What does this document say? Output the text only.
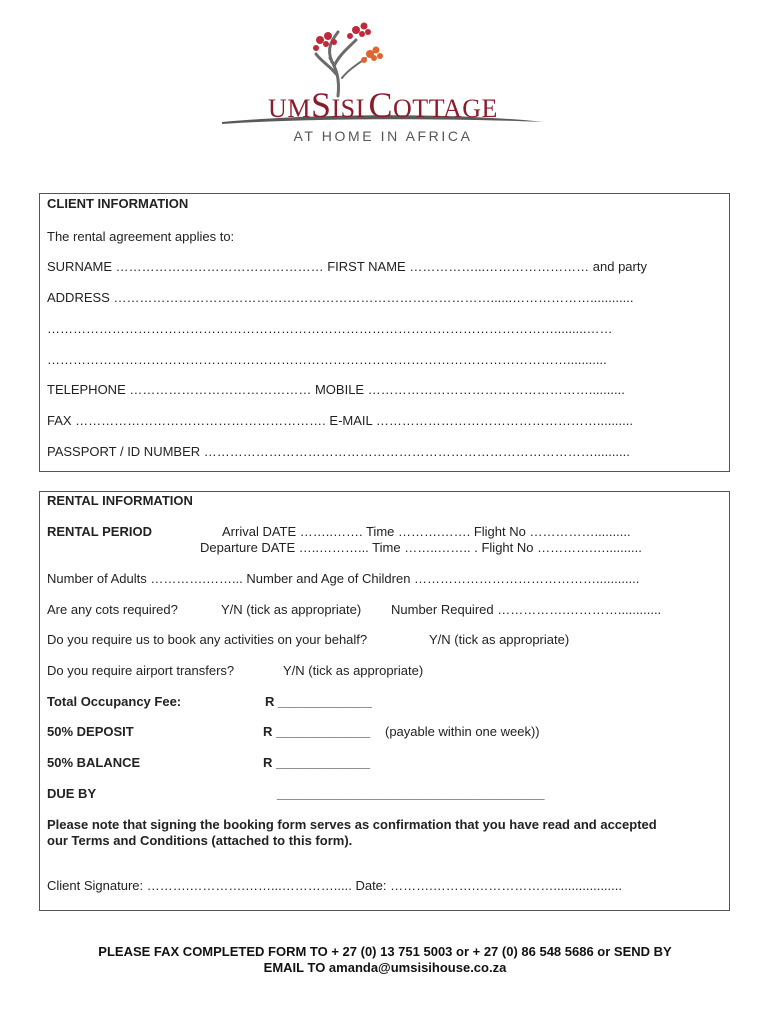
UMSISI COTTAGE
AT HOME IN AFRICA
CLIENT INFORMATION
The rental agreement applies to:
SURNAME ………………………………………… FIRST NAME ……………...…………………… and party
ADDRESS ……………………………………………………………………………......………………............
……………………………………………………………………………………………………….........……
…………………………………………………………………………………………………………...........
TELEPHONE …………………………………… MOBILE ……………………………………………..........
FAX …………………………………………………. E-MAIL ……………………………………………..........
PASSPORT / ID NUMBER ………………………………………………………………………………..........
RENTAL INFORMATION
RENTAL PERIOD	Arrival DATE ……..……. Time ……….……. Flight No ……………..........
Departure DATE …..………... Time ……..…….. . Flight No ………….…..........
Number of Adults ………….……... Number and Age of Children ……………………………………............
Are any cots required?	Y/N (tick as appropriate) Number Required …………….…………............
Do you require us to book any activities on your behalf?	Y/N (tick as appropriate)
Do you require airport transfers?	Y/N (tick as appropriate)
Total Occupancy Fee:	R _____________
50% DEPOSIT	R _____________ (payable within one week))
50% BALANCE	R _____________
DUE BY	_____________________________________
Please note that signing the booking form serves as confirmation that you have read and accepted
our Terms and Conditions (attached to this form).
Client Signature: ……….………….……...…………..... Date: ……….……….………………...................
PLEASE FAX COMPLETED FORM TO + 27 (0) 13 751 5003 or + 27 (0) 86 548 5686 or SEND BY
EMAIL TO amanda@umsisihouse.co.za
